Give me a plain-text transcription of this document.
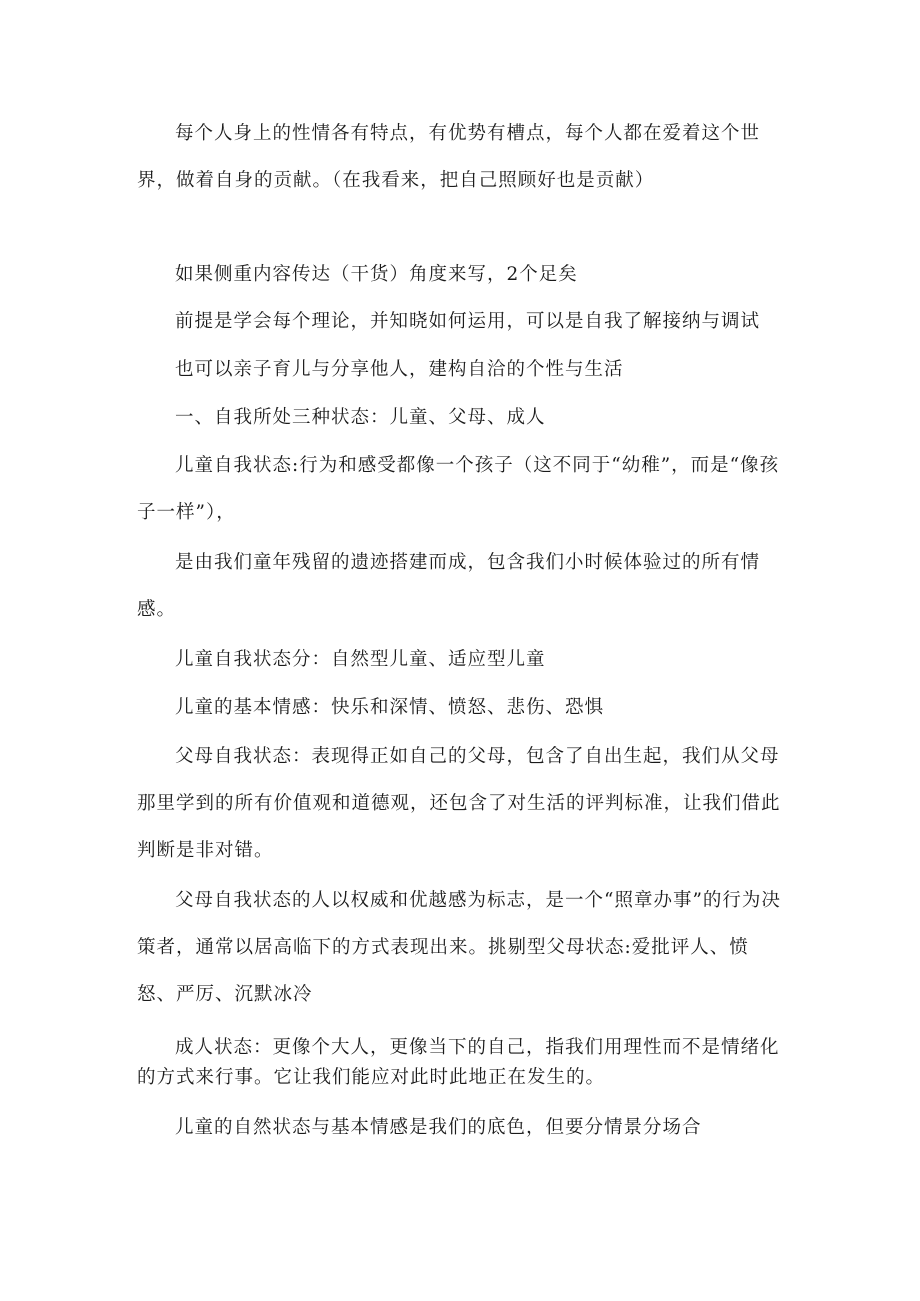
每个人身上的性情各有特点，有优势有槽点，每个人都在爱着这个世界，做着自身的贡献。（在我看来，把自己照顾好也是贡献）

如果侧重内容传达（干货）角度来写，2个足矣

前提是学会每个理论，并知晓如何运用，可以是自我了解接纳与调试

也可以亲子育儿与分享他人，建构自洽的个性与生活

一、自我所处三种状态：儿童、父母、成人

儿童自我状态:行为和感受都像一个孩子（这不同于“幼稚”，而是“像孩子一样”），

是由我们童年残留的遗迹搭建而成，包含我们小时候体验过的所有情感。

儿童自我状态分：自然型儿童、适应型儿童

儿童的基本情感：快乐和深情、愤怒、悲伤、恐惧

父母自我状态：表现得正如自己的父母，包含了自出生起，我们从父母那里学到的所有价值观和道德观，还包含了对生活的评判标准，让我们借此判断是非对错。

父母自我状态的人以权威和优越感为标志，是一个“照章办事”的行为决策者，通常以居高临下的方式表现出来。挑剔型父母状态:爱批评人、愤怒、严厉、沉默冰冷

成人状态：更像个大人，更像当下的自己，指我们用理性而不是情绪化的方式来行事。它让我们能应对此时此地正在发生的。

儿童的自然状态与基本情感是我们的底色，但要分情景分场合
